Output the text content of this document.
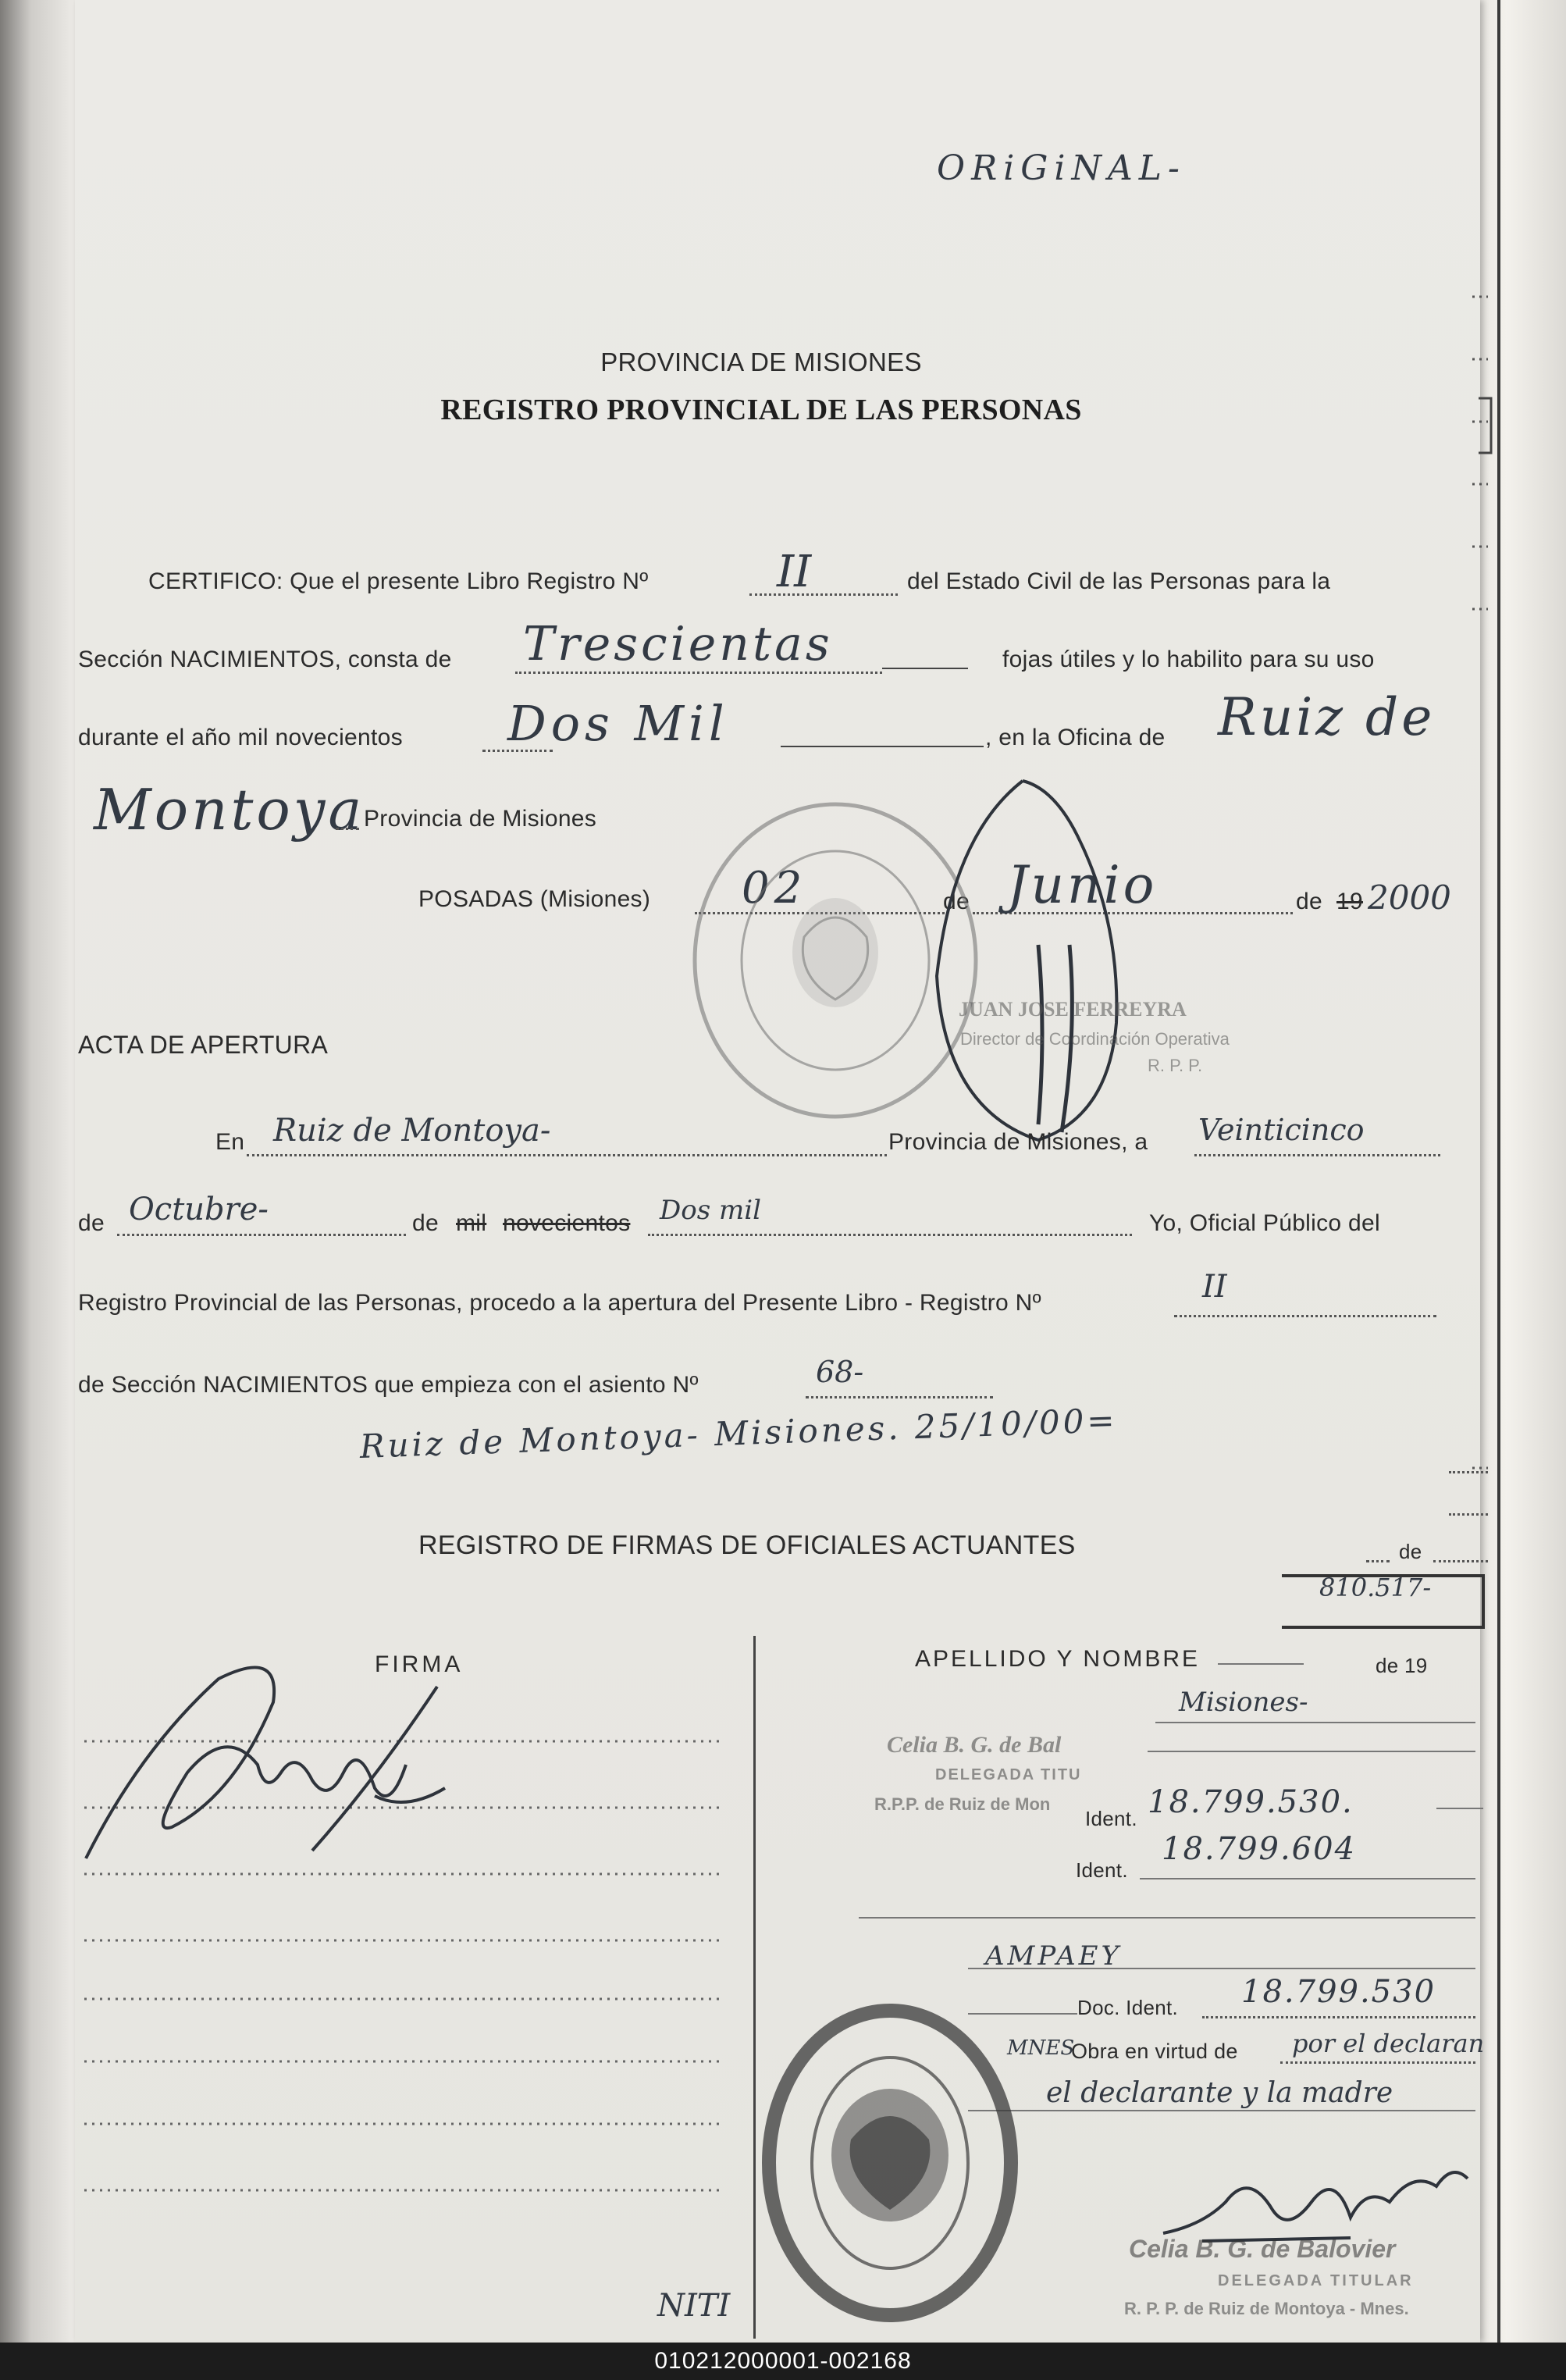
ORiGiNAL-
PROVINCIA DE MISIONES
REGISTRO PROVINCIAL DE LAS PERSONAS
CERTIFICO: Que el presente Libro Registro Nº	II	del Estado Civil de las Personas para la
Sección NACIMIENTOS, consta de Trescientas	fojas útiles y lo habilito para su uso
durante el año mil novecientos Dos Mil	, en la Oficina de Ruiz de
Montoya
Provincia de Misiones
POSADAS (Misiones) 02	de Junio	de 19 2000
JUAN JOSE FERREYRA
Director de Coordinación Operativa
R. P. P.
ACTA DE APERTURA
En Ruiz de Montoya-	Provincia de Misiones, a Veinticinco
de Octubre-	de mil novecientos Dos mil	Yo, Oficial Público del
Registro Provincial de las Personas, procedo a la apertura del Presente Libro - Registro Nº	II
de Sección NACIMIENTOS que empieza con el asiento Nº	68-
Ruiz de Montoya- Misiones. 25/10/00=
REGISTRO DE FIRMAS DE OFICIALES ACTUANTES	de
810.517-
FIRMA	APELLIDO Y NOMBRE	de 19
Misiones-
Celia B. G. de Bal
DELEGADA TITU
R.P.P. de Ruiz de Mon
Ident. 18.799.530.
Ident.
18.799.604
AMPAEY
Doc. Ident. 18.799.530
MNES
Obra en virtud de por el declaran
el declarante y la madre
Celia B. G. de Balovier
DELEGADA TITULAR
R. P. P. de Ruiz de Montoya - Mnes.
NITI
010212000001-002168
